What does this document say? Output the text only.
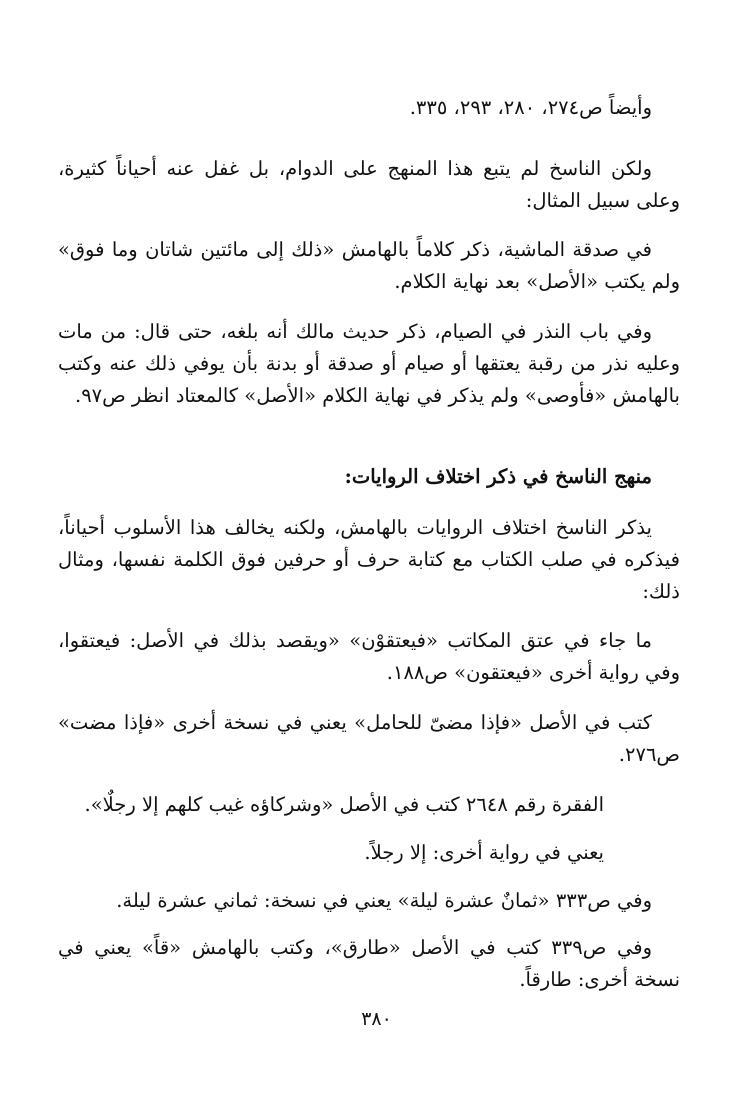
وأيضاً ص٢٧٤، ٢٨٠، ٢٩٣، ٣٣٥.

ولكن الناسخ لم يتبع هذا المنهج على الدوام، بل غفل عنه أحياناً كثيرة، وعلى سبيل المثال:

في صدقة الماشية، ذكر كلاماً بالهامش «ذلك إلى مائتين شاتان وما فوق» ولم يكتب «الأصل» بعد نهاية الكلام.

وفي باب النذر في الصيام، ذكر حديث مالك أنه بلغه، حتى قال: من مات وعليه نذر من رقبة يعتقها أو صيام أو صدقة أو بدنة بأن يوفي ذلك عنه وكتب بالهامش «فأوصى» ولم يذكر في نهاية الكلام «الأصل» كالمعتاد انظر ص٩٧.

منهج الناسخ في ذكر اختلاف الروايات:

يذكر الناسخ اختلاف الروايات بالهامش، ولكنه يخالف هذا الأسلوب أحياناً، فيذكره في صلب الكتاب مع كتابة حرف أو حرفين فوق الكلمة نفسها، ومثال ذلك:

ما جاء في عتق المكاتب «فيعتقوْن» «ويقصد بذلك في الأصل: فيعتقوا، وفي رواية أخرى «فيعتقون» ص١٨٨.

كتب في الأصل «فإذا مضىّ للحامل» يعني في نسخة أخرى «فإذا مضت» ص٢٧٦.

الفقرة رقم ٢٦٤٨ كتب في الأصل «وشركاؤه غيب كلهم إلا رجلٌا».

يعني في رواية أخرى: إلا رجلاً.

وفي ص٣٣٣ «ثمانٌ عشرة ليلة» يعني في نسخة: ثماني عشرة ليلة.

وفي ص٣٣٩ كتب في الأصل «طارق»، وكتب بالهامش «قاً» يعني في نسخة أخرى: طارقاً.

٣٨٠
